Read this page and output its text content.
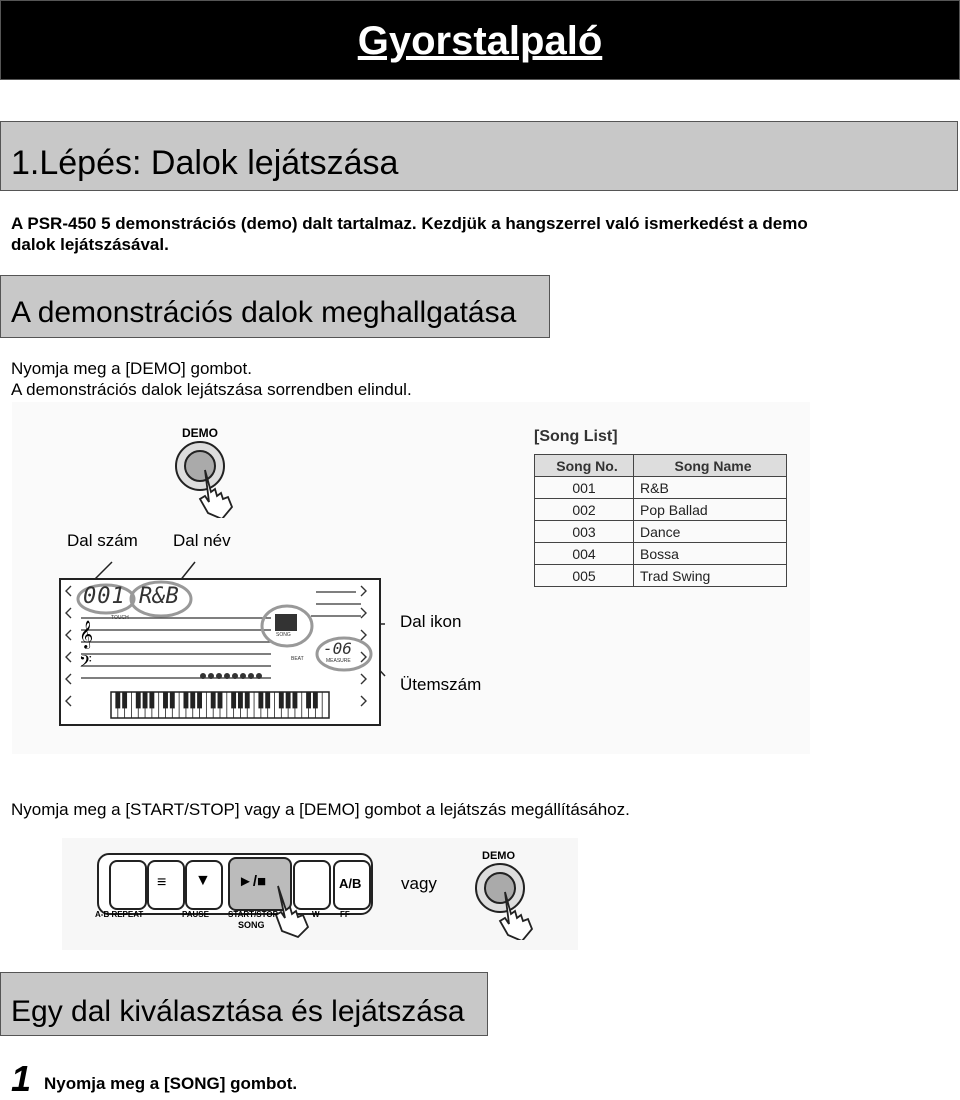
Gyorstalpaló
1.Lépés: Dalok lejátszása
A PSR-450 5 demonstrációs (demo) dalt tartalmaz. Kezdjük a hangszerrel való ismerkedést a demo
dalok lejátszásával.
A demonstrációs dalok meghallgatása
Nyomja meg a [DEMO] gombot.
A demonstrációs dalok lejátszása sorrendben elindul.
DEMO	[Song List]
Song No.	Song Name
001	R&B
002	Pop Ballad
003	Dance
004	Bossa
005	Trad Swing
Dal szám Dal név
Dal ikon
Ütemszám
𝄞
𝄢
001 R&B
TOUCH
SONG
BEAT
-06
MEASURE
Nyomja meg a [START/STOP] vagy a [DEMO] gombot a lejátszás megállításához.
≡ ▼ ►/■	A/B
A-B REPEAT	PAUSE START/STOP	W	FF
SONG
vagy
DEMO
Egy dal kiválasztása és lejátszása
1 Nyomja meg a [SONG] gombot.
